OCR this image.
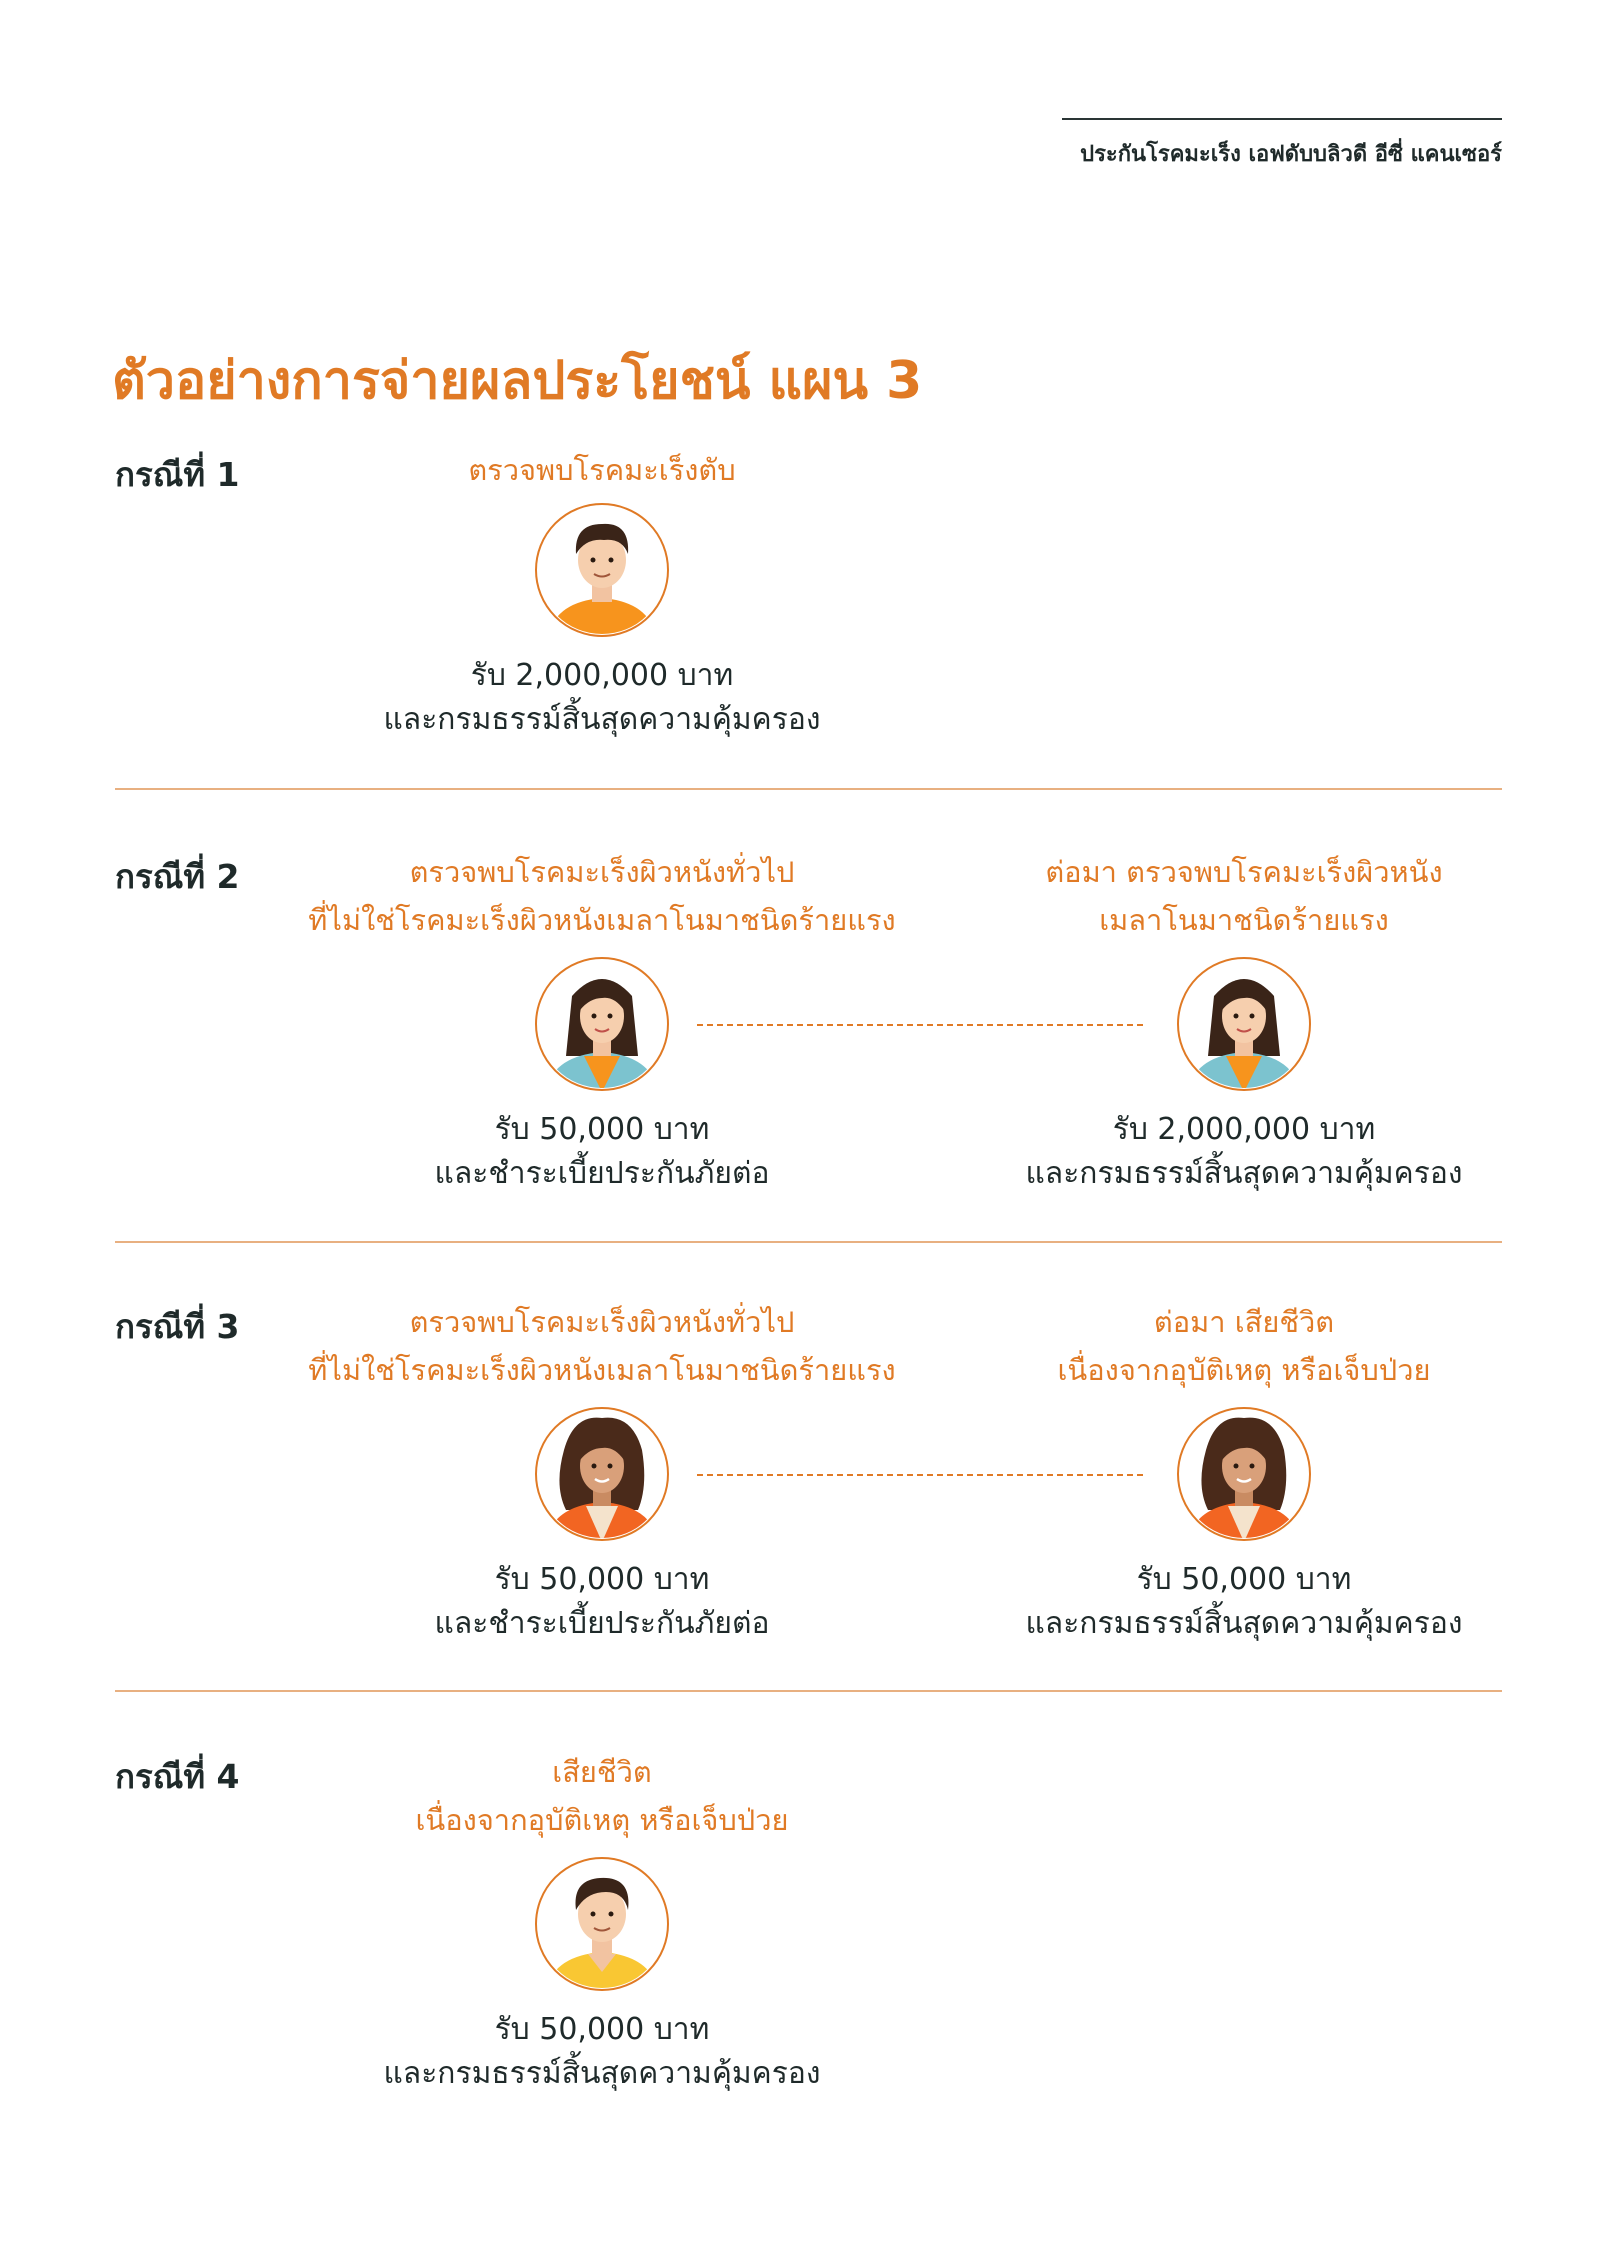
ประกันโรคมะเร็ง เอฟดับบลิวดี อีซี่ แคนเซอร์
ตัวอย่างการจ่ายผลประโยชน์ แผน 3
กรณีที่ 1	ตรวจพบโรคมะเร็งตับ
รับ 2,000,000 บาท
และกรมธรรม์สิ้นสุดความคุ้มครอง
กรณีที่ 2	ตรวจพบโรคมะเร็งผิวหนังทั่วไป
ที่ไม่ใช่โรคมะเร็งผิวหนังเมลาโนมาชนิดร้ายแรง
ต่อมา ตรวจพบโรคมะเร็งผิวหนัง
เมลาโนมาชนิดร้ายแรง
รับ 50,000 บาท
และชำระเบี้ยประกันภัยต่อ
รับ 2,000,000 บาท
และกรมธรรม์สิ้นสุดความคุ้มครอง
กรณีที่ 3	ตรวจพบโรคมะเร็งผิวหนังทั่วไป
ที่ไม่ใช่โรคมะเร็งผิวหนังเมลาโนมาชนิดร้ายแรง
ต่อมา เสียชีวิต
เนื่องจากอุบัติเหตุ หรือเจ็บป่วย
รับ 50,000 บาท
และชำระเบี้ยประกันภัยต่อ
รับ 50,000 บาท
และกรมธรรม์สิ้นสุดความคุ้มครอง
กรณีที่ 4	เสียชีวิต
เนื่องจากอุบัติเหตุ หรือเจ็บป่วย
รับ 50,000 บาท
และกรมธรรม์สิ้นสุดความคุ้มครอง
